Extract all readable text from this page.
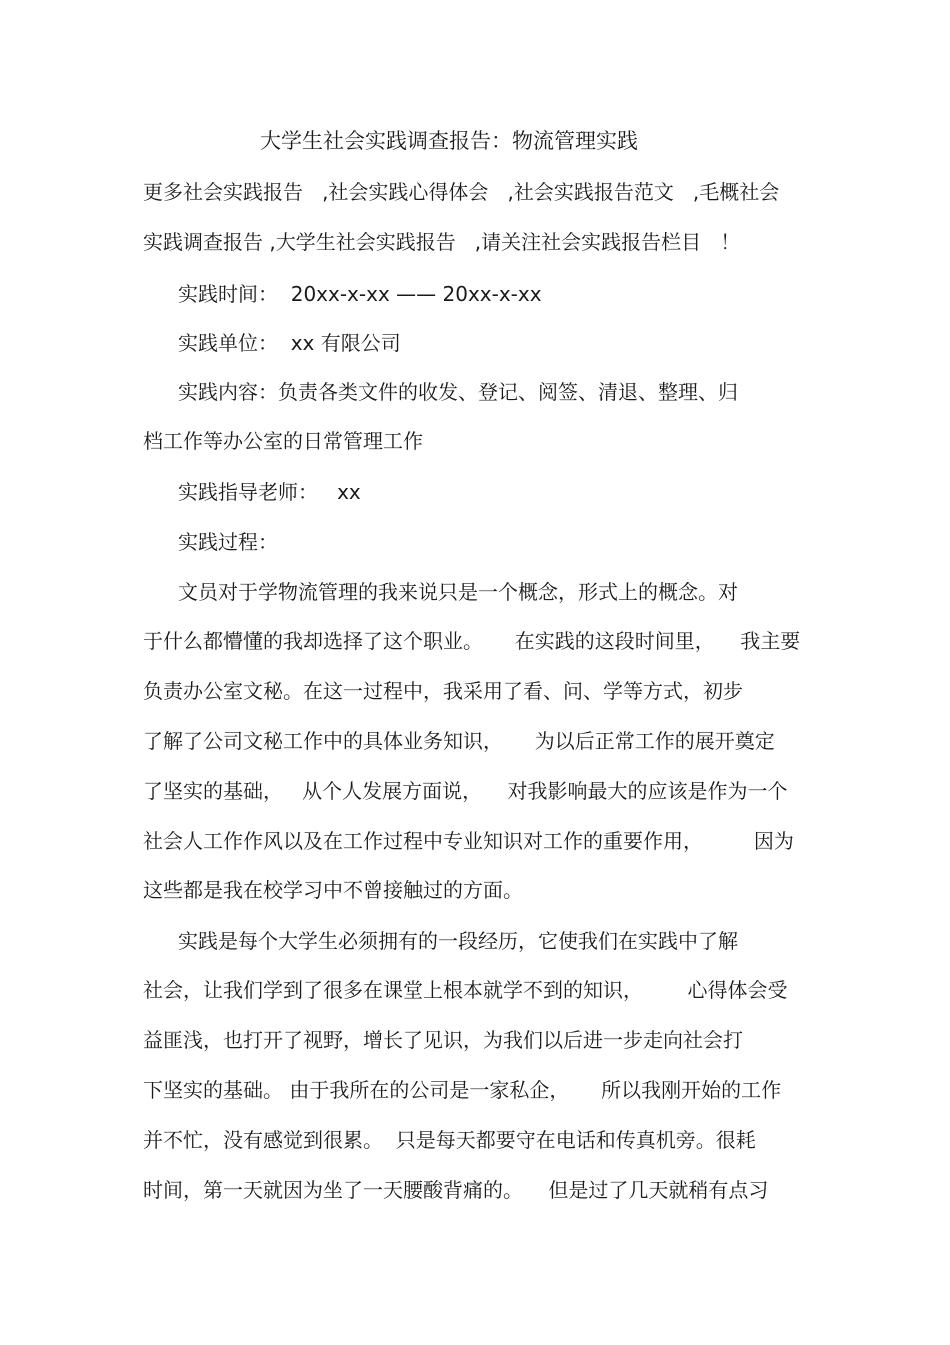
大学生社会实践调查报告：物流管理实践
更多社会实践报告   ,社会实践心得体会   ,社会实践报告范文   ,毛概社会
实践调查报告 ,大学生社会实践报告   ,请关注社会实践报告栏目   ！
实践时间：  20xx-x-xx —— 20xx-x-xx
实践单位：  xx 有限公司
实践内容：负责各类文件的收发、登记、阅签、清退、整理、归
档工作等办公室的日常管理工作
实践指导老师：   xx
实践过程：
文员对于学物流管理的我来说只是一个概念，形式上的概念。对
于什么都懵懂的我却选择了这个职业。     在实践的这段时间里，    我主要
负责办公室文秘。在这一过程中，我采用了看、问、学等方式，初步
了解了公司文秘工作中的具体业务知识，     为以后正常工作的展开奠定
了坚实的基础，   从个人发展方面说，    对我影响最大的应该是作为一个
社会人工作作风以及在工作过程中专业知识对工作的重要作用，        因为
这些都是我在校学习中不曾接触过的方面。
实践是每个大学生必须拥有的一段经历，它使我们在实践中了解
社会，让我们学到了很多在课堂上根本就学不到的知识，       心得体会受
益匪浅，也打开了视野，增长了见识，为我们以后进一步走向社会打
下坚实的基础。 由于我所在的公司是一家私企，     所以我刚开始的工作
并不忙，没有感觉到很累。  只是每天都要守在电话和传真机旁。很耗
时间，第一天就因为坐了一天腰酸背痛的。    但是过了几天就稍有点习
